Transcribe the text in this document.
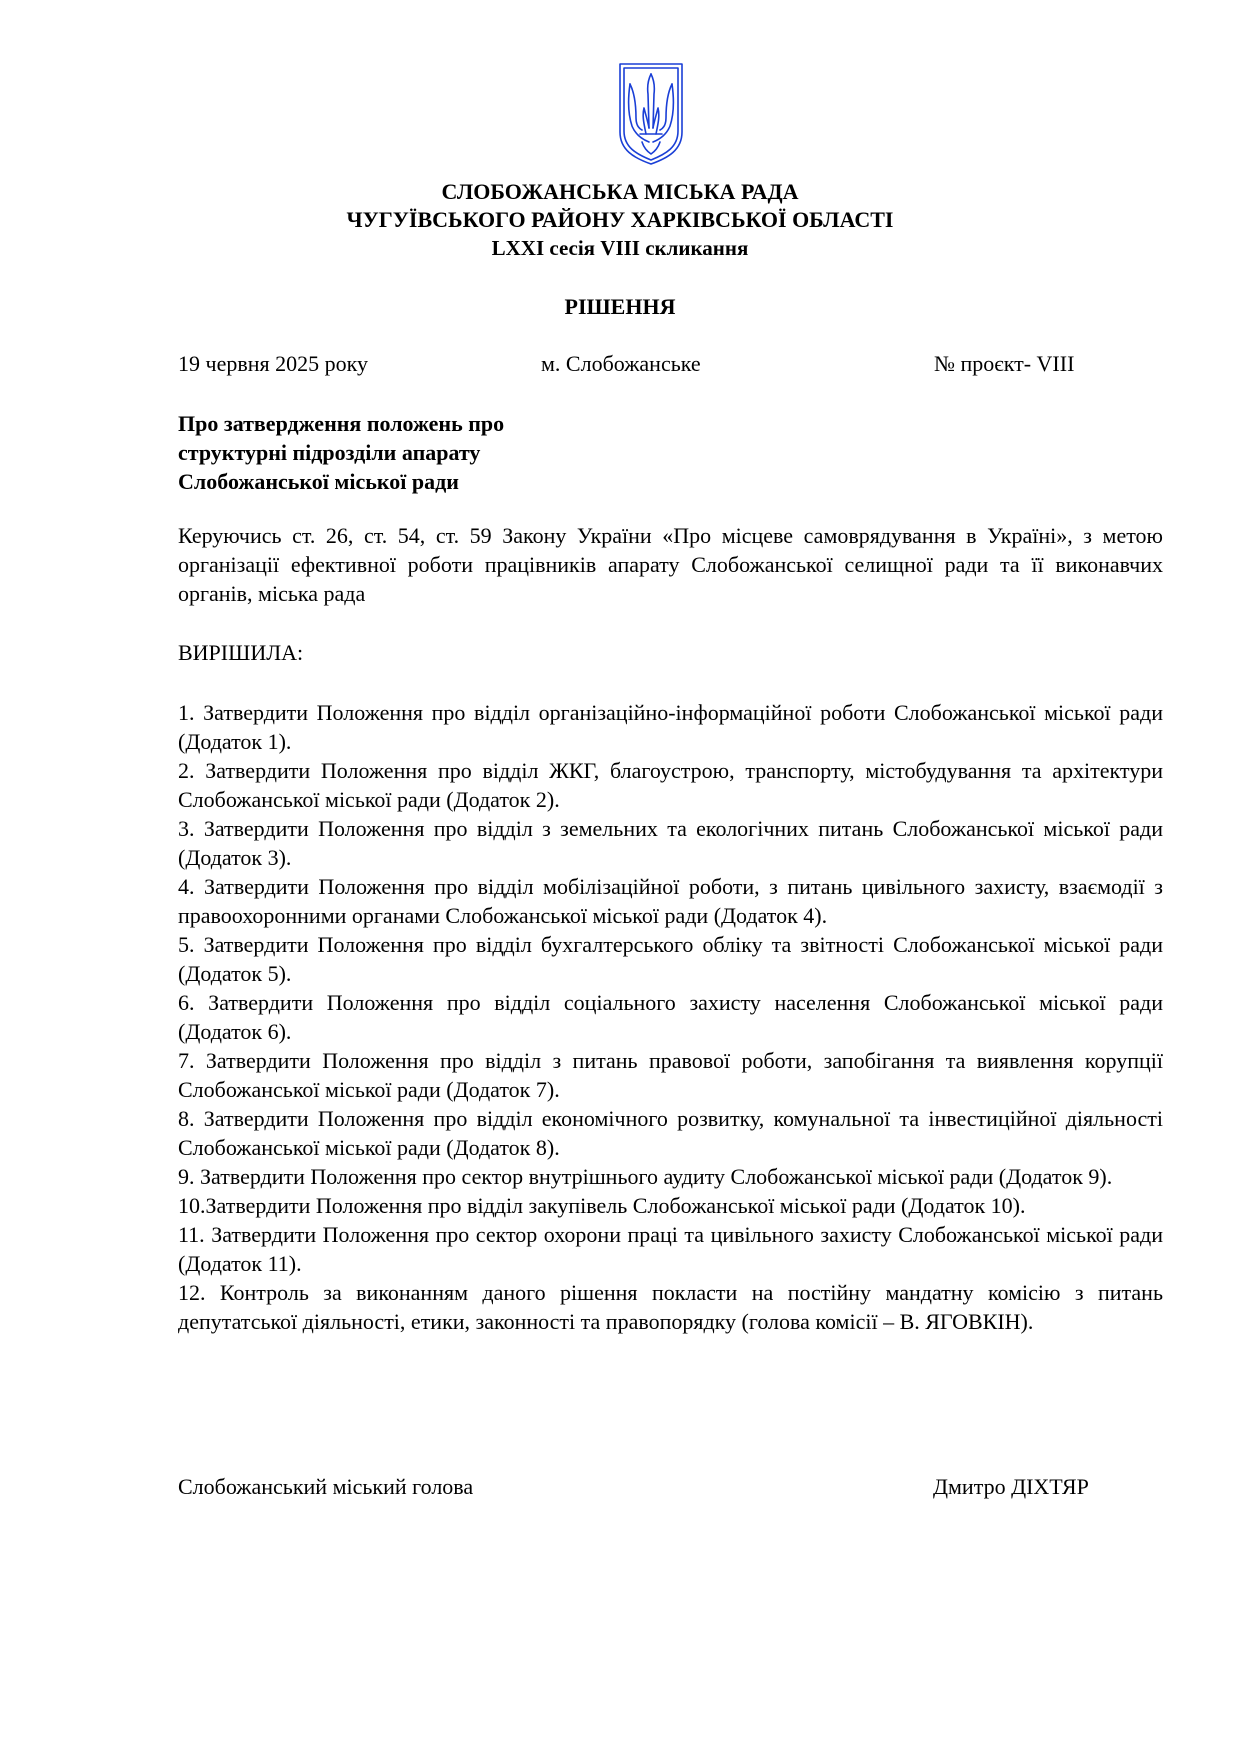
СЛОБОЖАНСЬКА МІСЬКА РАДА
ЧУГУЇВСЬКОГО РАЙОНУ ХАРКІВСЬКОЇ ОБЛАСТІ
LXXI сесія VIII скликання
РІШЕННЯ
19 червня 2025 року	м. Слобожанське	№ проєкт- VIII
Про затвердження положень про
структурні підрозділи апарату
Слобожанської міської ради
Керуючись ст. 26, ст. 54, ст. 59 Закону України «Про місцеве самоврядування в Україні», з метою організації ефективної роботи працівників апарату Слобожанської селищної ради та її виконавчих органів, міська рада
ВИРІШИЛА:
1. Затвердити Положення про відділ організаційно-інформаційної роботи Слобожанської міської ради (Додаток 1).
2. Затвердити Положення про відділ ЖКГ, благоустрою, транспорту, містобудування та архітектури Слобожанської міської ради (Додаток 2).
3. Затвердити Положення про відділ з земельних та екологічних питань Слобожанської міської ради (Додаток 3).
4. Затвердити Положення про відділ мобілізаційної роботи, з питань цивільного захисту, взаємодії з правоохоронними органами Слобожанської міської ради (Додаток 4).
5. Затвердити Положення про відділ бухгалтерського обліку та звітності Слобожанської міської ради (Додаток 5).
6. Затвердити Положення про відділ соціального захисту населення Слобожанської міської ради (Додаток 6).
7. Затвердити Положення про відділ з питань правової роботи, запобігання та виявлення корупції Слобожанської міської ради (Додаток 7).
8. Затвердити Положення про відділ економічного розвитку, комунальної та інвестиційної діяльності Слобожанської міської ради (Додаток 8).
9. Затвердити Положення про сектор внутрішнього аудиту Слобожанської міської ради (Додаток 9).
10.Затвердити Положення про відділ закупівель Слобожанської міської ради (Додаток 10).
11. Затвердити Положення про сектор охорони праці та цивільного захисту Слобожанської міської ради (Додаток 11).
12. Контроль за виконанням даного рішення покласти на постійну мандатну комісію з питань депутатської діяльності, етики, законності та правопорядку (голова комісії – В. ЯГОВКІН).
Слобожанський міський голова	Дмитро ДІХТЯР
